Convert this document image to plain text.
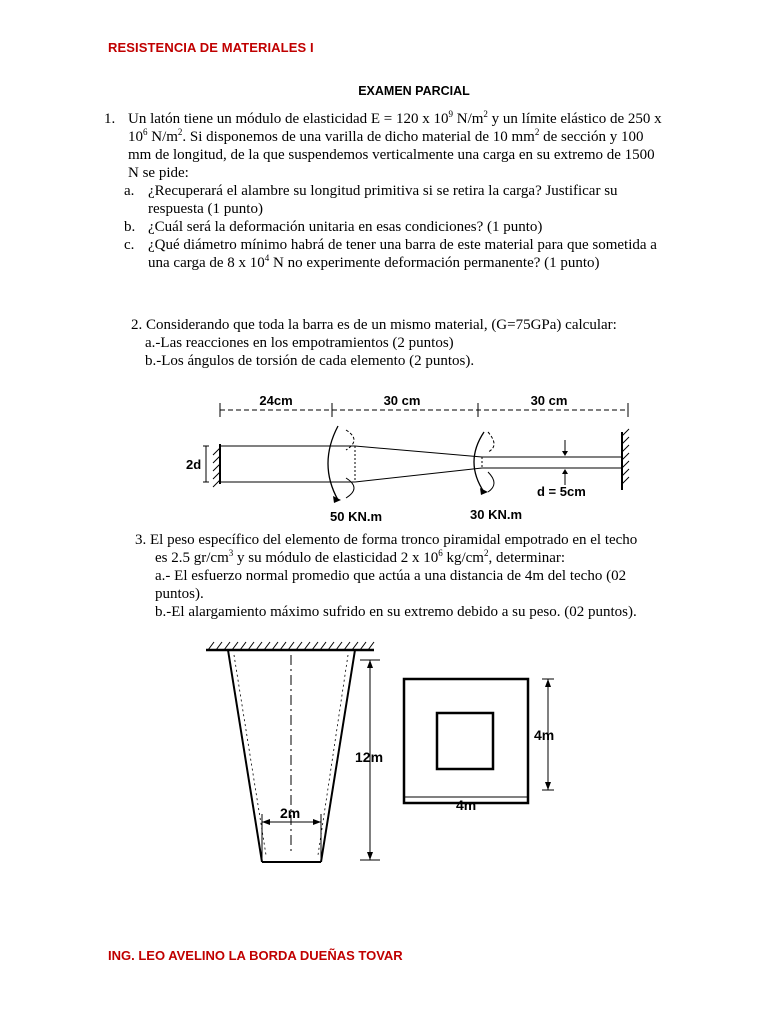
RESISTENCIA DE MATERIALES I
EXAMEN PARCIAL
1. Un latón tiene un módulo de elasticidad E = 120 x $10^9$ $N/m^2$ y un límite elástico de 250 x $10^6$ $N/m^2$. Si disponemos de una varilla de dicho material de 10 $mm^2$ de sección y 100 mm de longitud, de la que suspendemos verticalmente una carga en su extremo de 1500 N se pide:
a. ¿Recuperará el alambre su longitud primitiva si se retira la carga? Justificar su respuesta (1 punto)
b. ¿Cuál será la deformación unitaria en esas condiciones? (1 punto)
c. ¿Qué diámetro mínimo habrá de tener una barra de este material para que sometida a una carga de 8 x $10^4$ N no experimente deformación permanente? (1 punto)
2. Considerando que toda la barra es de un mismo material, (G=75GPa) calcular:
a.-Las reacciones en los empotramientos (2 puntos)
b.-Los ángulos de torsión de cada elemento (2 puntos).
24cm	30 cm	30 cm
2d
d = 5cm
50 KN.m	30 KN.m
3. El peso específico del elemento de forma tronco piramidal empotrado en el techo
es 2.5 $gr/cm^3$ y su módulo de elasticidad 2 x $10^6$ $kg/cm^2$, determinar:
a.- El esfuerzo normal promedio que actúa a una distancia de 4m del techo (02 puntos).
b.-El alargamiento máximo sufrido en su extremo debido a su peso. (02 puntos).
12m
2m
4m
4m
ING. LEO AVELINO LA BORDA DUEÑAS TOVAR
